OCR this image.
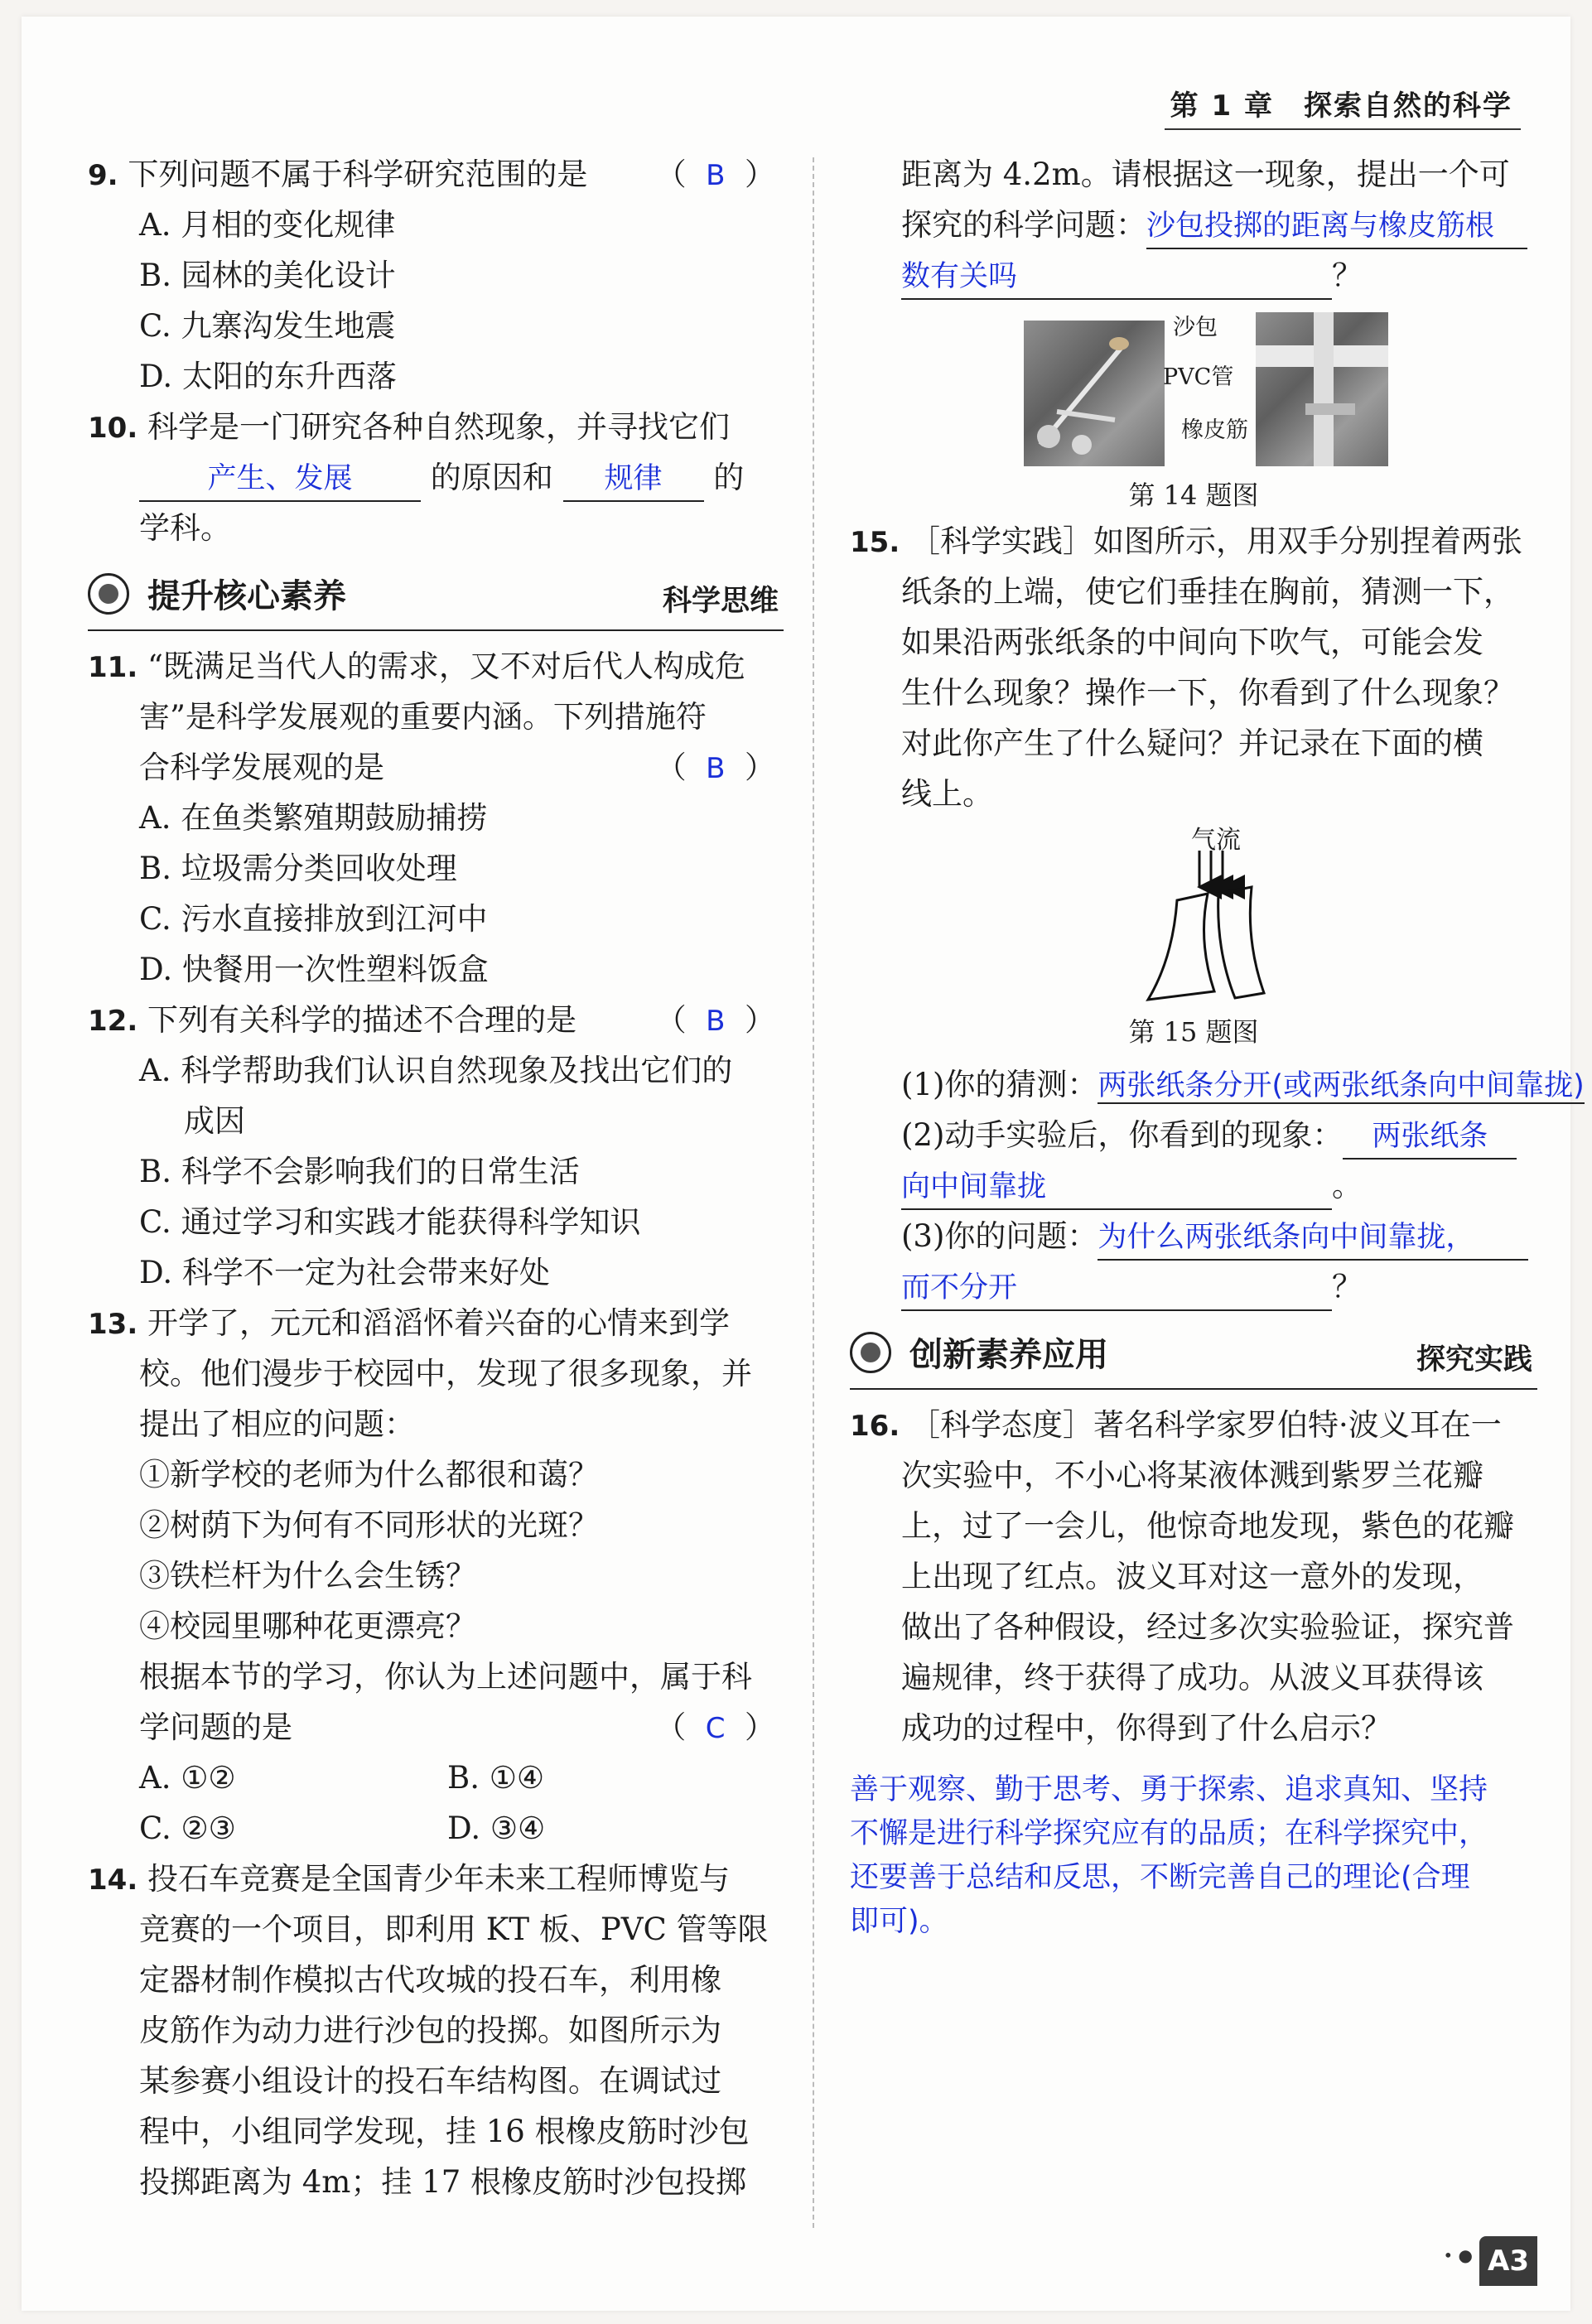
第 1 章　探索自然的科学
9. 下列问题不属于科学研究范围的是 （ B ）
A. 月相的变化规律
B. 园林的美化设计
C. 九寨沟发生地震
D. 太阳的东升西落
10. 科学是一门研究各种自然现象，并寻找它们
产生、发展	的原因和 规律 的
学科。
提升核心素养	科学思维
11. “既满足当代人的需求，又不对后代人构成危
害”是科学发展观的重要内涵。下列措施符
合科学发展观的是	（ B ）
A. 在鱼类繁殖期鼓励捕捞
B. 垃圾需分类回收处理
C. 污水直接排放到江河中
D. 快餐用一次性塑料饭盒
12. 下列有关科学的描述不合理的是	（ B ）
A. 科学帮助我们认识自然现象及找出它们的
成因
B. 科学不会影响我们的日常生活
C. 通过学习和实践才能获得科学知识
D. 科学不一定为社会带来好处
13. 开学了，元元和滔滔怀着兴奋的心情来到学
校。他们漫步于校园中，发现了很多现象，并
提出了相应的问题：
①新学校的老师为什么都很和蔼？
②树荫下为何有不同形状的光斑？
③铁栏杆为什么会生锈？
④校园里哪种花更漂亮？
根据本节的学习，你认为上述问题中，属于科
学问题的是	（ C ）
A. ①②	B. ①④
C. ②③	D. ③④
14. 投石车竞赛是全国青少年未来工程师博览与
竞赛的一个项目，即利用 KT 板、PVC 管等限
定器材制作模拟古代攻城的投石车，利用橡
皮筋作为动力进行沙包的投掷。如图所示为
某参赛小组设计的投石车结构图。在调试过
程中，小组同学发现，挂 16 根橡皮筋时沙包
投掷距离为 4m；挂 17 根橡皮筋时沙包投掷
距离为 4.2m。请根据这一现象，提出一个可
探究的科学问题：沙包投掷的距离与橡皮筋根
数有关吗	？
沙包
PVC管
橡皮筋
第 14 题图
15. ［科学实践］如图所示，用双手分别捏着两张
纸条的上端，使它们垂挂在胸前，猜测一下，
如果沿两张纸条的中间向下吹气，可能会发
生什么现象？操作一下，你看到了什么现象？
对此你产生了什么疑问？并记录在下面的横
线上。
气流
第 15 题图
(1)你的猜测：两张纸条分开(或两张纸条向中间靠拢)
(2)动手实验后，你看到的现象： 两张纸条
向中间靠拢	。
(3)你的问题：为什么两张纸条向中间靠拢，
而不分开	？
创新素养应用	探究实践
16. ［科学态度］著名科学家罗伯特·波义耳在一
次实验中，不小心将某液体溅到紫罗兰花瓣
上，过了一会儿，他惊奇地发现，紫色的花瓣
上出现了红点。波义耳对这一意外的发现，
做出了各种假设，经过多次实验验证，探究普
遍规律，终于获得了成功。从波义耳获得该
成功的过程中，你得到了什么启示？
善于观察、勤于思考、勇于探索、追求真知、坚持
不懈是进行科学探究应有的品质；在科学探究中，
还要善于总结和反思，不断完善自己的理论(合理
即可)。
• ● A3
